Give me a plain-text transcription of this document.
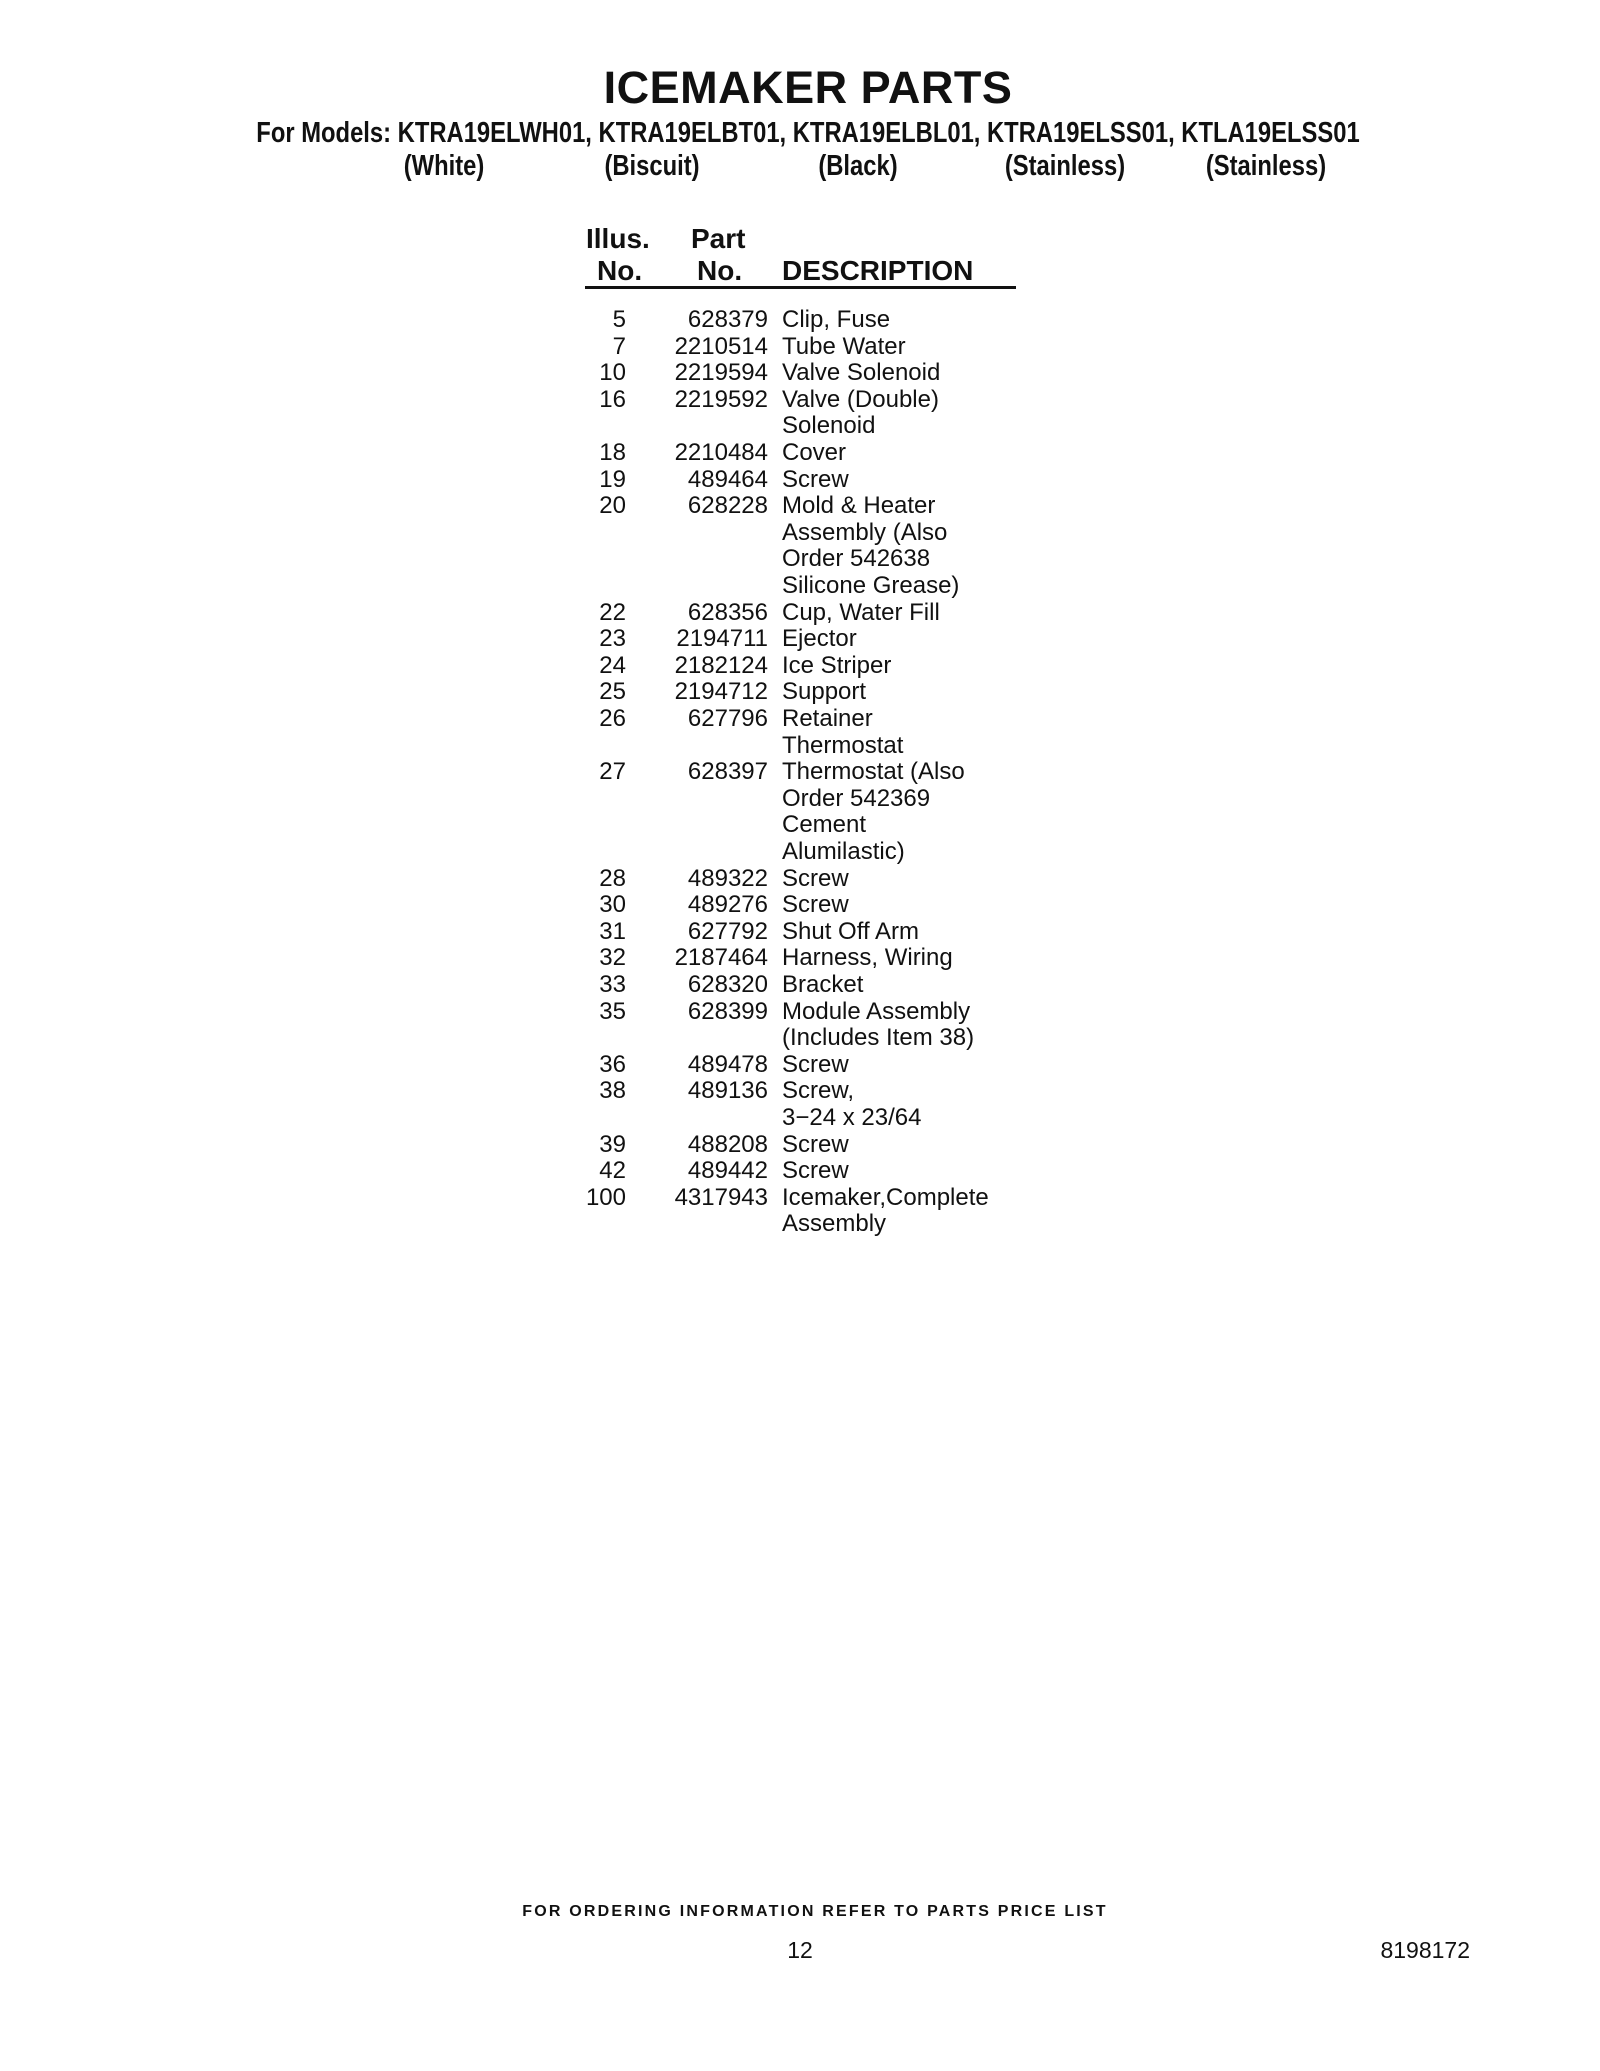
ICEMAKER PARTS
For Models: KTRA19ELWH01, KTRA19ELBT01, KTRA19ELBL01, KTRA19ELSS01, KTLA19ELSS01
(White)	(Biscuit)	(Black)	(Stainless)	(Stainless)
Illus.
No.
Part
No. DESCRIPTION
5	628379 Clip, Fuse
7	2210514 Tube Water
10	2219594 Valve Solenoid
16	2219592 Valve (Double)
Solenoid
18	2210484 Cover
19	489464 Screw
20	628228 Mold & Heater
Assembly (Also
Order 542638
Silicone Grease)
22	628356 Cup, Water Fill
23	2194711 Ejector
24	2182124 Ice Striper
25	2194712 Support
26	627796 Retainer
Thermostat
27	628397 Thermostat (Also
Order 542369
Cement
Alumilastic)
28	489322 Screw
30	489276 Screw
31	627792 Shut Off Arm
32	2187464 Harness, Wiring
33	628320 Bracket
35	628399 Module Assembly
(Includes Item 38)
36	489478 Screw
38	489136 Screw,
3−24 x 23/64
39	488208 Screw
42	489442 Screw
100	4317943 Icemaker,Complete
Assembly
FOR ORDERING INFORMATION REFER TO PARTS PRICE LIST
12	8198172
